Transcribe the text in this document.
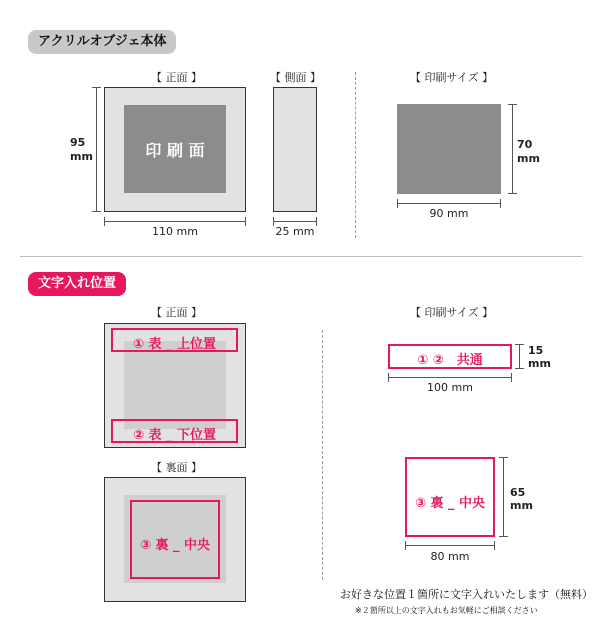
アクリルオブジェ本体
【 正面 】	【 側面 】	【 印刷サイズ 】
印 刷 面
95
mm
110 mm	25 mm
70
mm
90 mm
文字入れ位置
【 正面 】	【 印刷サイズ 】
① 表 _ 上位置
② 表 _ 下位置
【 裏面 】
③ 裏 _ 中央
① ②　共通
15
mm
100 mm
③ 裏 _ 中央
65
mm
80 mm
お好きな位置１箇所に文字入れいたします（無料）
※２箇所以上の文字入れもお気軽にご相談ください
